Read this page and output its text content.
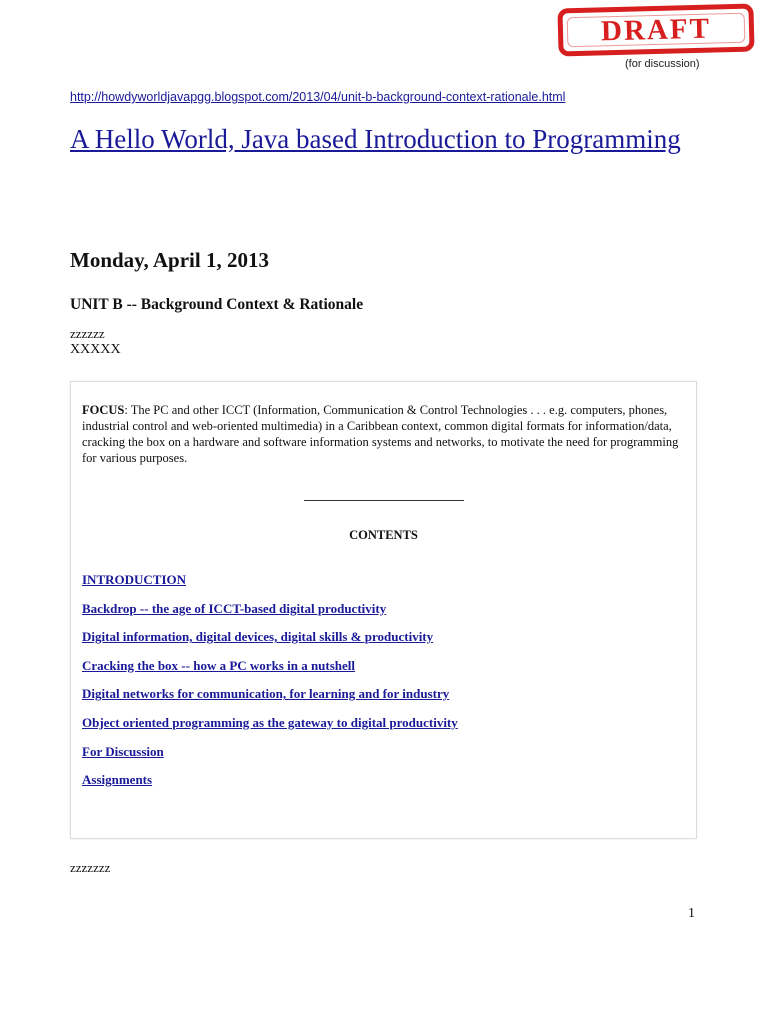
DRAFT
(for discussion)
http://howdyworldjavapgg.blogspot.com/2013/04/unit-b-background-context-rationale.html
A Hello World, Java based Introduction to Programming
Monday, April 1, 2013
UNIT B -- Background Context & Rationale
zzzzzz
XXXXX

FOCUS: The PC and other ICCT (Information, Communication & Control Technologies . . . e.g. computers, phones, industrial control and web-oriented multimedia) in a Caribbean context, common digital formats for information/data, cracking the box on a hardware and software information systems and networks, to motivate the need for programming for various purposes.

CONTENTS
INTRODUCTION
Backdrop -- the age of ICCT-based digital productivity
Digital information, digital devices, digital skills & productivity
Cracking the box -- how a PC works in a nutshell
Digital networks for communication, for learning and for industry
Object oriented programming as the gateway to digital productivity
For Discussion
Assignments
zzzzzzz
1
